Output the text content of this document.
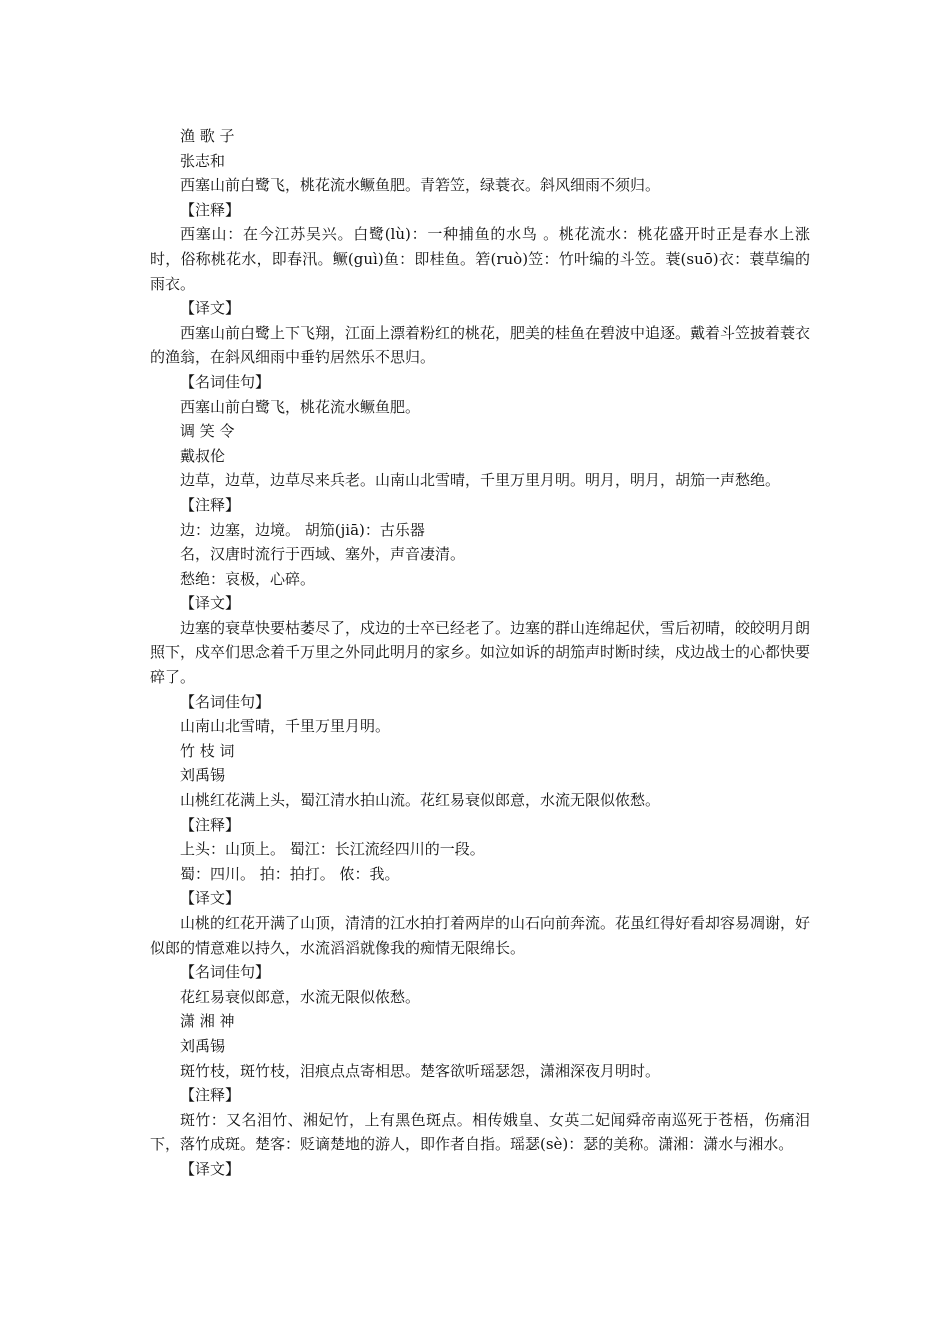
渔 歌 子

张志和

西塞山前白鹭飞，桃花流水鳜鱼肥。青箬笠，绿蓑衣。斜风细雨不须归。

【注释】

西塞山：在今江苏吴兴。白鹭(lù)：一种捕鱼的水鸟 。桃花流水：桃花盛开时正是春水上涨时，俗称桃花水，即春汛。鳜(guì)鱼：即桂鱼。箬(ruò)笠：竹叶编的斗笠。蓑(suō)衣：蓑草编的雨衣。

【译文】

西塞山前白鹭上下飞翔，江面上漂着粉红的桃花，肥美的桂鱼在碧波中追逐。戴着斗笠披着蓑衣的渔翁，在斜风细雨中垂钓居然乐不思归。

【名词佳句】

西塞山前白鹭飞，桃花流水鳜鱼肥。

调 笑 令

戴叔伦

边草，边草，边草尽来兵老。山南山北雪晴，千里万里月明。明月，明月，胡笳一声愁绝。

【注释】

边：边塞，边境。 胡笳(jiā)：古乐器

名，汉唐时流行于西域、塞外，声音凄清。

愁绝：哀极，心碎。

【译文】

边塞的衰草快要枯萎尽了，戍边的士卒已经老了。边塞的群山连绵起伏，雪后初晴，皎皎明月朗照下，戍卒们思念着千万里之外同此明月的家乡。如泣如诉的胡笳声时断时续，戍边战士的心都快要碎了。

【名词佳句】

山南山北雪晴，千里万里月明。

竹 枝 词

刘禹锡

山桃红花满上头，蜀江清水拍山流。花红易衰似郎意，水流无限似侬愁。

【注释】

上头：山顶上。 蜀江：长江流经四川的一段。

蜀：四川。 拍：拍打。 侬：我。

【译文】

山桃的红花开满了山顶，清清的江水拍打着两岸的山石向前奔流。花虽红得好看却容易凋谢，好似郎的情意难以持久，水流滔滔就像我的痴情无限绵长。

【名词佳句】

花红易衰似郎意，水流无限似侬愁。

潇 湘 神

刘禹锡

斑竹枝，斑竹枝，泪痕点点寄相思。楚客欲听瑶瑟怨，潇湘深夜月明时。

【注释】

斑竹：又名泪竹、湘妃竹，上有黑色斑点。相传娥皇、女英二妃闻舜帝南巡死于苍梧，伤痛泪下，落竹成斑。楚客：贬谪楚地的游人，即作者自指。瑶瑟(sè)：瑟的美称。潇湘：潇水与湘水。

【译文】
